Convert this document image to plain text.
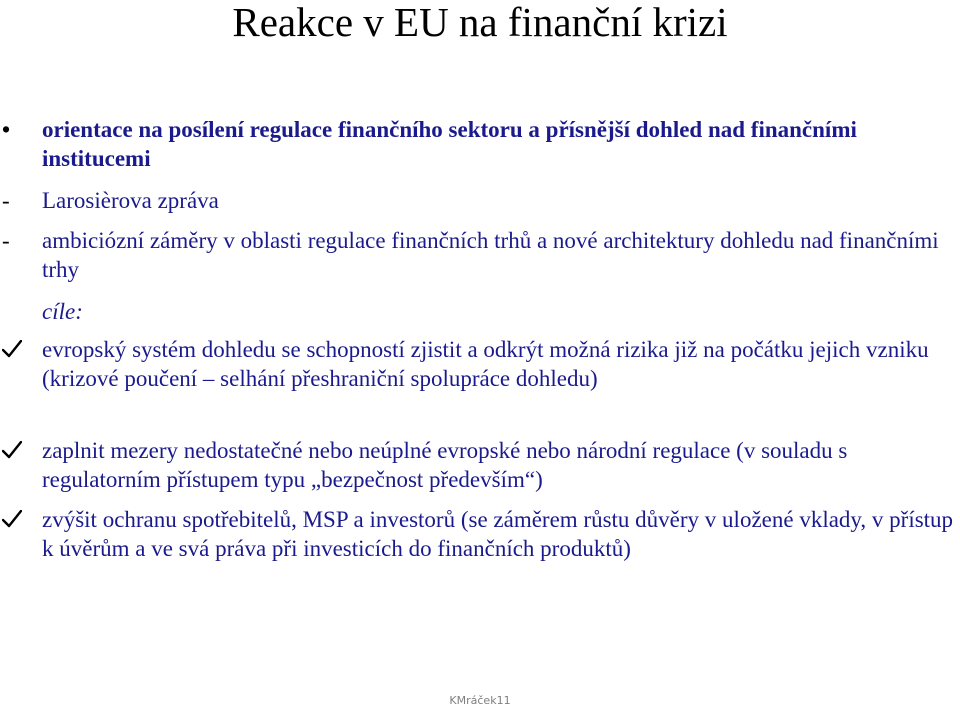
Reakce v EU na finanční krizi

•	orientace na posílení regulace finančního sektoru a přísnější dohled nad finančními institucemi

-	Larosièrova zpráva

-	ambiciózní záměry v oblasti regulace finančních trhů a nové architektury dohledu nad finančními trhy

cíle:

evropský systém dohledu se schopností zjistit a odkrýt možná rizika již na počátku jejich vzniku (krizové poučení – selhání přeshraniční spolupráce dohledu)

zaplnit mezery nedostatečné nebo neúplné evropské nebo národní regulace (v souladu s regulatorním přístupem typu „bezpečnost především“)

zvýšit ochranu spotřebitelů, MSP a investorů (se záměrem růstu důvěry v uložené vklady, v přístup k úvěrům a ve svá práva při investicích do finančních produktů)

KMráček11
